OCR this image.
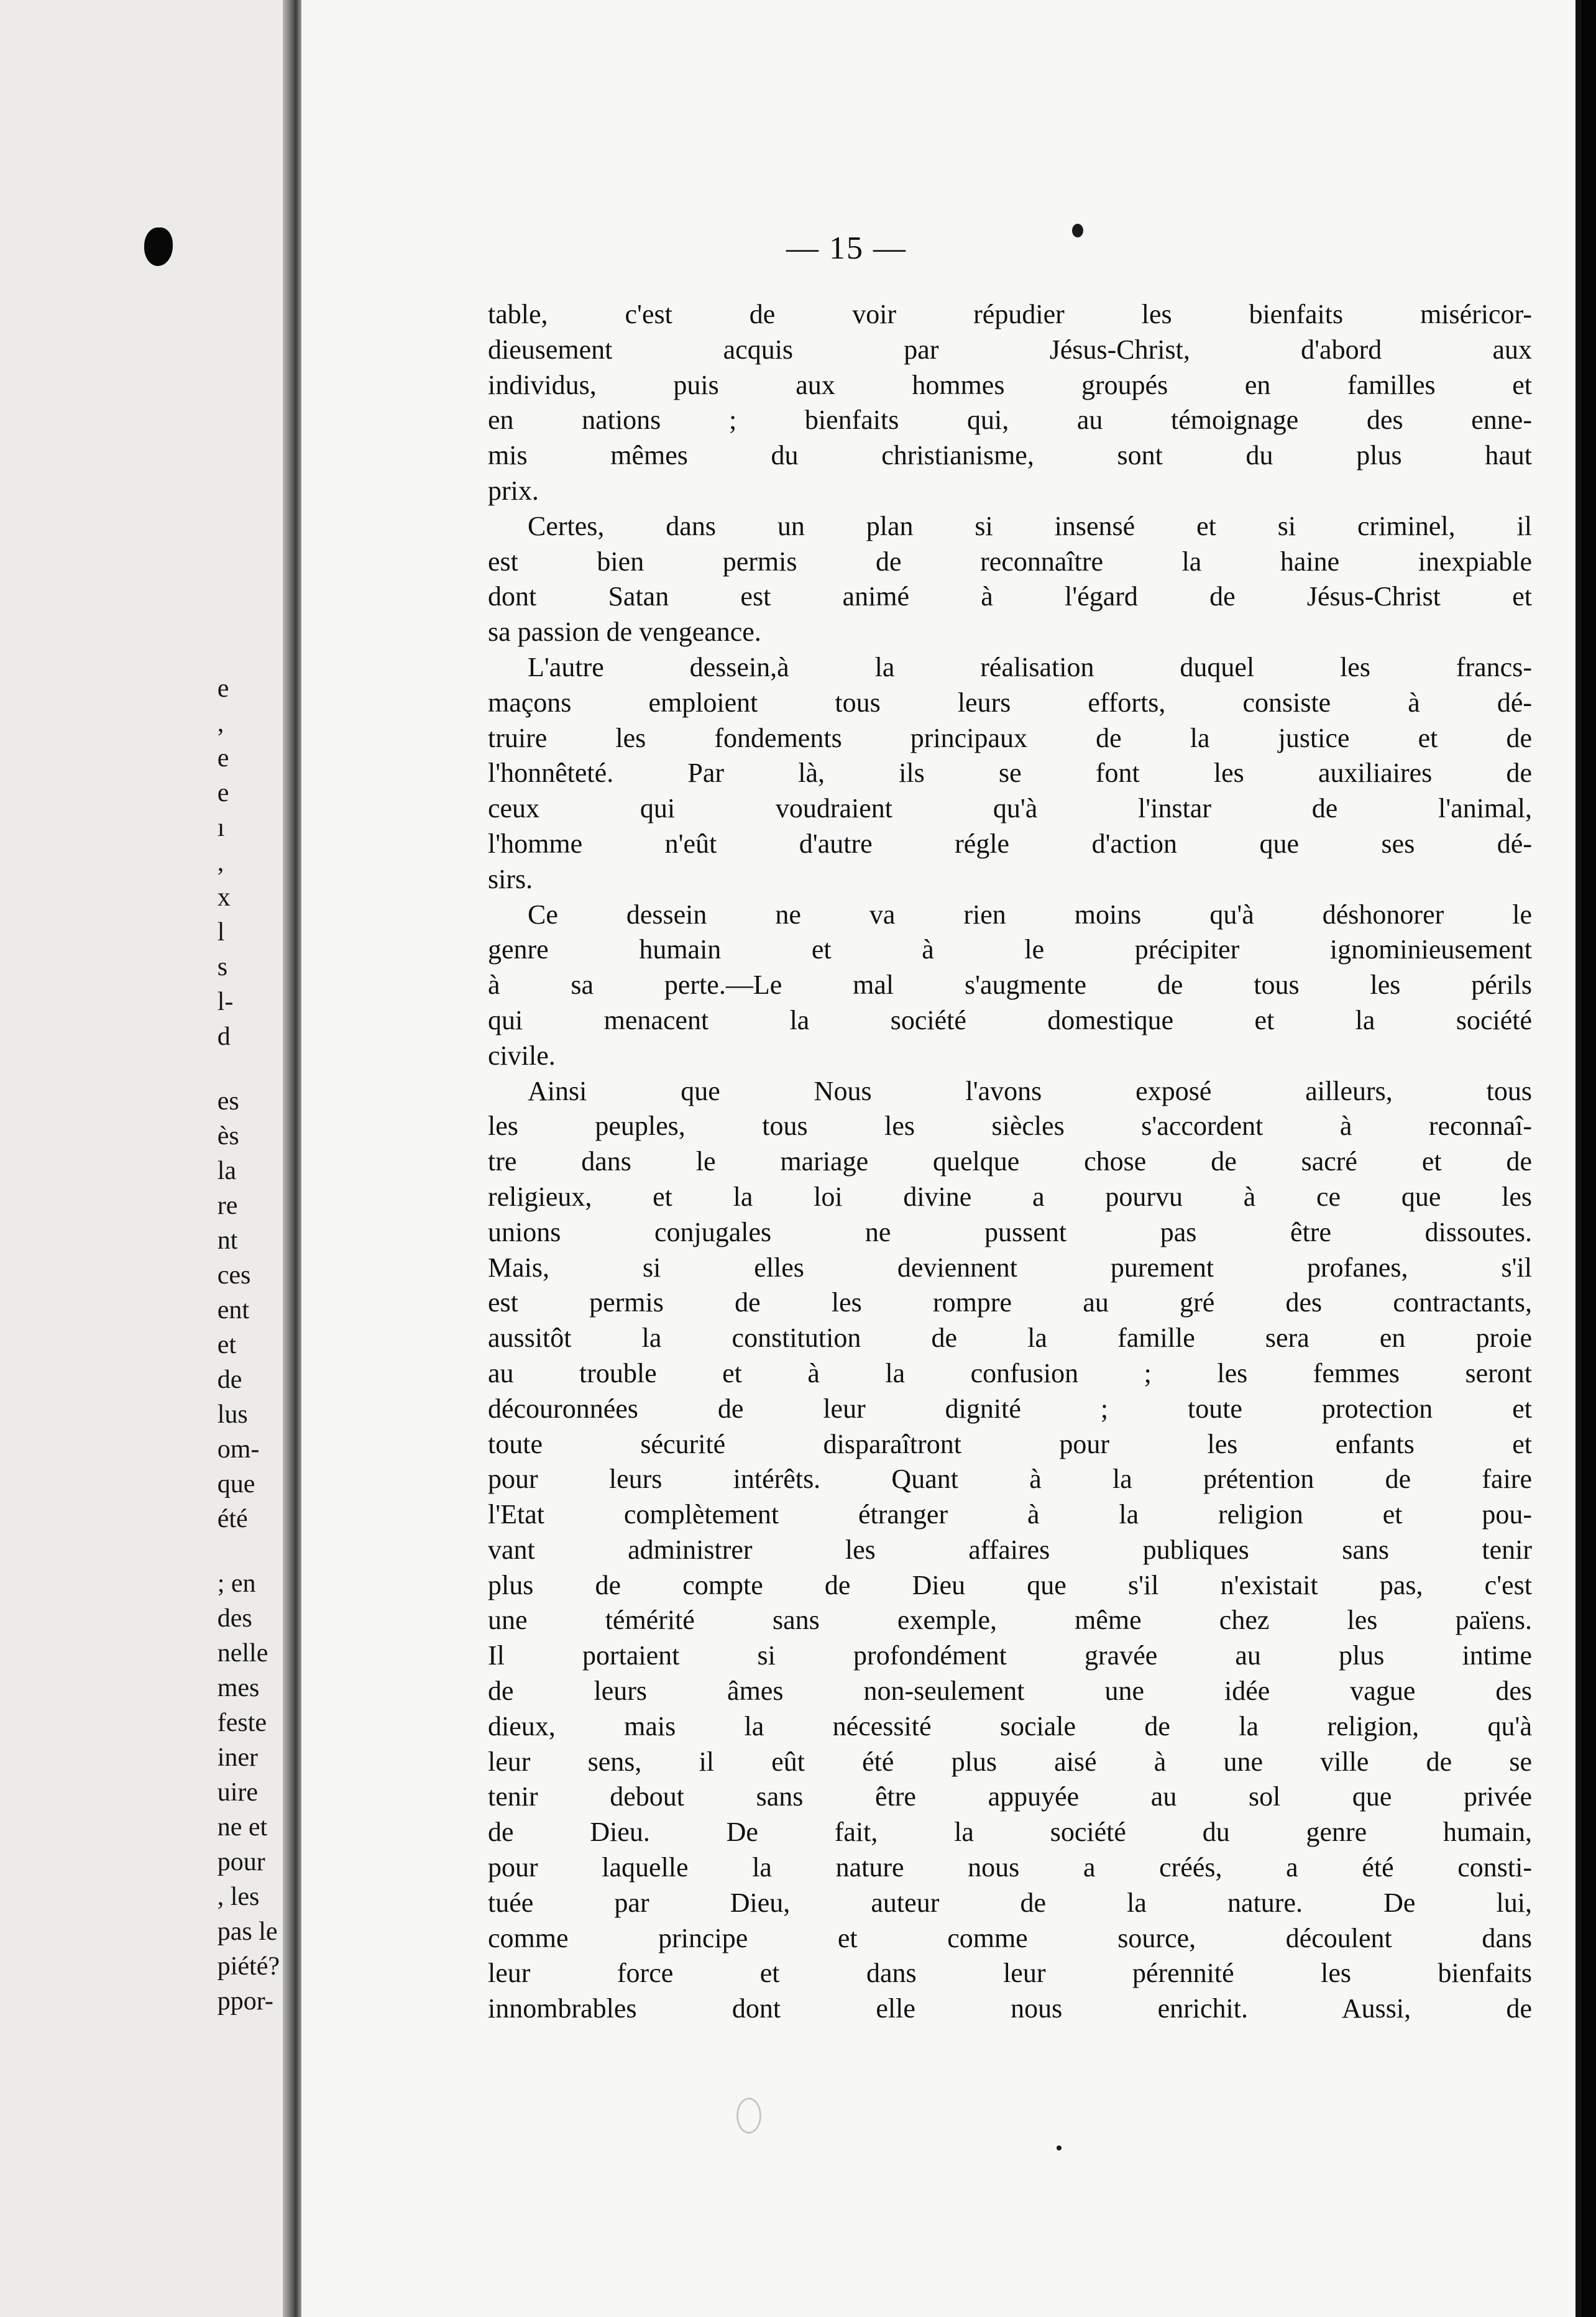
e
,
e
e
ı
,
x
l
s
l-
d
es
ès
la
re
nt
ces
ent
et
de
lus
om-
que
été
; en
des
nelle
mes
feste
iner
uire
ne et
pour
, les
pas le
piété?
ppor-
— 15 —

table, c'est de voir répudier les bienfaits miséricor-

dieusement acquis par Jésus-Christ, d'abord aux

individus, puis aux hommes groupés en familles et

en nations ; bienfaits qui, au témoignage des enne-

mis mêmes du christianisme, sont du plus haut

prix.

Certes, dans un plan si insensé et si criminel, il

est bien permis de reconnaître la haine inexpiable

dont Satan est animé à l'égard de Jésus-Christ et

sa passion de vengeance.

L'autre dessein,à la réalisation duquel les francs-

maçons emploient tous leurs efforts, consiste à dé-

truire les fondements principaux de la justice et de

l'honnêteté. Par là, ils se font les auxiliaires de

ceux qui voudraient qu'à l'instar de l'animal,

l'homme n'eût d'autre régle d'action que ses dé-

sirs.

Ce dessein ne va rien moins qu'à déshonorer le

genre humain et à le précipiter ignominieusement

à sa perte.—Le mal s'augmente de tous les périls

qui menacent la société domestique et la société

civile.

Ainsi que Nous l'avons exposé ailleurs, tous

les peuples, tous les siècles s'accordent à reconnaî-

tre dans le mariage quelque chose de sacré et de

religieux, et la loi divine a pourvu à ce que les

unions conjugales ne pussent pas être dissoutes.

Mais, si elles deviennent purement profanes, s'il

est permis de les rompre au gré des contractants,

aussitôt la constitution de la famille sera en proie

au trouble et à la confusion ; les femmes seront

découronnées de leur dignité ; toute protection et

toute sécurité disparaîtront pour les enfants et

pour leurs intérêts. Quant à la prétention de faire

l'Etat complètement étranger à la religion et pou-

vant administrer les affaires publiques sans tenir

plus de compte de Dieu que s'il n'existait pas, c'est

une témérité sans exemple, même chez les païens.

Il portaient si profondément gravée au plus intime

de leurs âmes non-seulement une idée vague des

dieux, mais la nécessité sociale de la religion, qu'à

leur sens, il eût été plus aisé à une ville de se

tenir debout sans être appuyée au sol que privée

de Dieu. De fait, la société du genre humain,

pour laquelle la nature nous a créés, a été consti-

tuée par Dieu, auteur de la nature. De lui,

comme principe et comme source, découlent dans

leur force et dans leur pérennité les bienfaits

innombrables dont elle nous enrichit. Aussi, de
